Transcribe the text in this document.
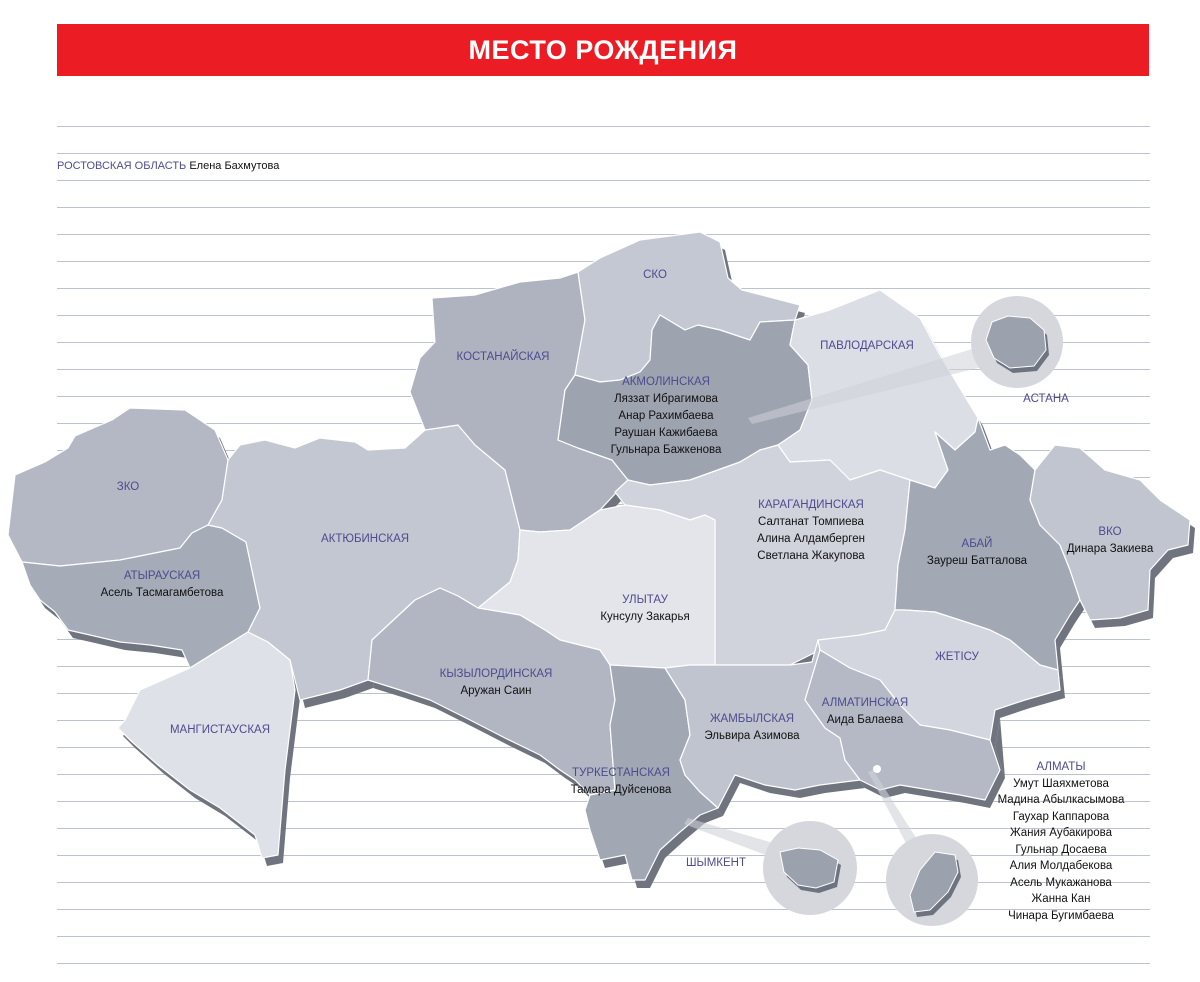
МЕСТО РОЖДЕНИЯ
РОСТОВСКАЯ ОБЛАСТЬ Елена Бахмутова
ЗКО
АТЫРАУСКАЯ
Асель Тасмагамбетова
МАНГИСТАУСКАЯ
АКТЮБИНСКАЯ
КОСТАНАЙСКАЯ
СКО
АКМОЛИНСКАЯ
Ляззат Ибрагимова
Анар Рахимбаева
Раушан Кажибаева
Гульнара Бажкенова
ПАВЛОДАРСКАЯ
АСТАНА
КАРАГАНДИНСКАЯ
Салтанат Томпиева
Алина Алдамберген
Светлана Жакупова
АБАЙ
Зауреш Батталова
ВКО
Динара Закиева
УЛЫТАУ
Кунсулу Закарья
КЫЗЫЛОРДИНСКАЯ
Аружан Саин
ТУРКЕСТАНСКАЯ
Тамара Дуйсенова
ЖАМБЫЛСКАЯ
Эльвира Азимова
ЖЕТІСУ
АЛМАТИНСКАЯ
Аида Балаева
ШЫМКЕНТ
АЛМАТЫ
Умут Шаяхметова
Мадина Абылкасымова
Гаухар Каппарова
Жания Аубакирова
Гульнар Досаева
Алия Молдабекова
Асель Мукажанова
Жанна Кан
Чинара Бугимбаева
